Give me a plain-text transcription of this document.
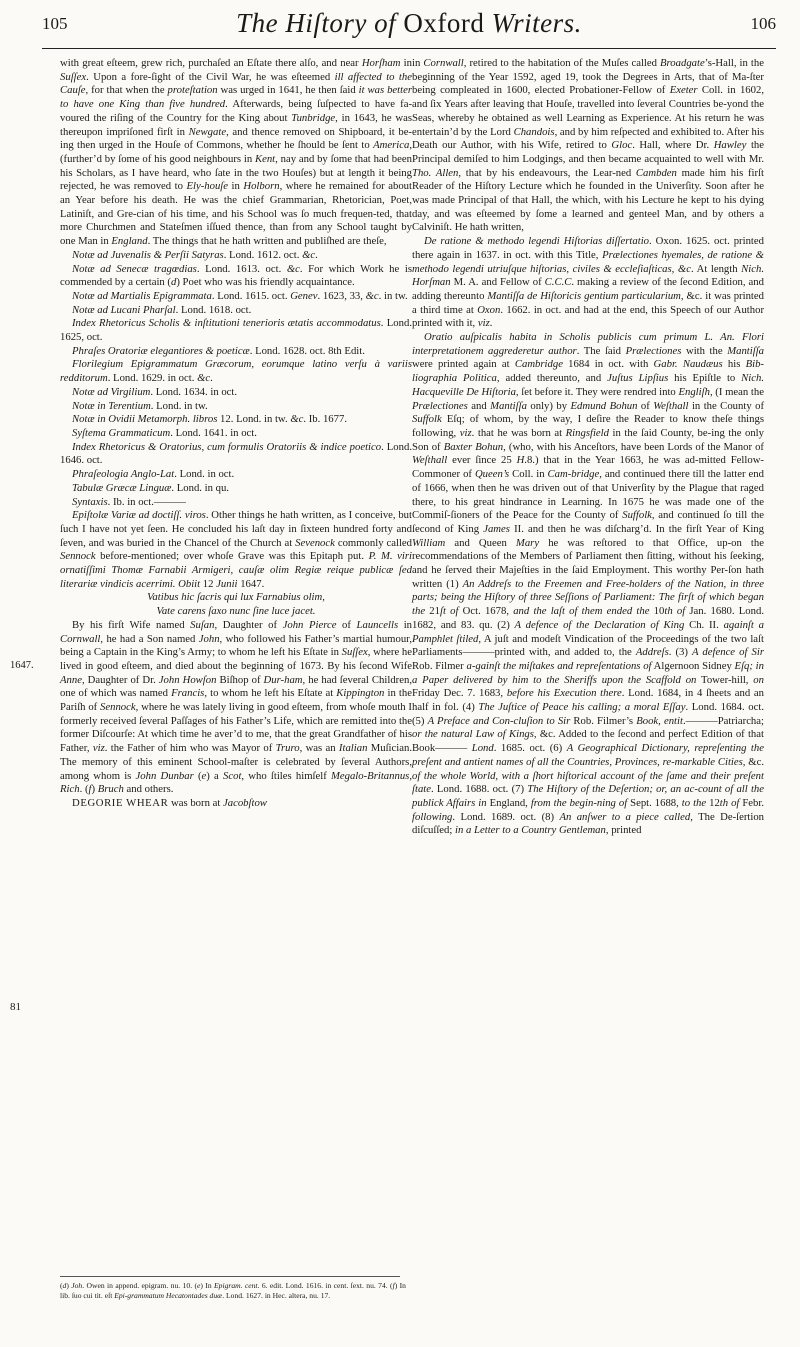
105	The Hiſtory of Oxford Writers.	106
1647.
81

with great eſteem, grew rich, purchaſed an Eſtate there alſo, and near Horſham in Suſſex. Upon a fore-ſight of the Civil War, he was eſteemed ill affected to the Cauſe, for that when the proteſtation was urged in 1641, he then ſaid it was better to have one King than five hundred. Afterwards, being ſuſpected to have fa-voured the riſing of the Country for the King about Tunbridge, in 1643, he was thereupon impriſoned firſt in Newgate, and thence removed on Shipboard, it be-ing then urged in the Houſe of Commons, whether he ſhould be ſent to America, (further’d by ſome of his good neighbours in Kent, nay and by ſome that had been his Scholars, as I have heard, who ſate in the two Houſes) but at length it being rejected, he was removed to Ely-houſe in Holborn, where he remained for about an Year before his death. He was the chief Grammarian, Rhetorician, Poet, Latiniſt, and Gre-cian of his time, and his School was ſo much frequen-ted, that more Churchmen and Stateſmen iſſued thence, than from any School taught by one Man in England. The things that he hath written and publiſhed are theſe,

Notæ ad Juvenalis & Perſii Satyras. Lond. 1612. oct. &c.

Notæ ad Senecæ tragœdias. Lond. 1613. oct. &c. For which Work he is commended by a certain (d) Poet who was his friendly acquaintance.

Notæ ad Martialis Epigrammata. Lond. 1615. oct. Genev. 1623, 33, &c. in tw.

Notæ ad Lucani Pharſal. Lond. 1618. oct.

Index Rhetoricus Scholis & inſtitutioni tenerioris ætatis accommodatus. Lond. 1625, oct.

Phraſes Oratoriæ elegantiores & poeticæ. Lond. 1628. oct. 8th Edit.

Florilegium Epigrammatum Græcorum, eorumque latino verſu à variis redditorum. Lond. 1629. in oct. &c.

Notæ ad Virgilium. Lond. 1634. in oct.

Notæ in Terentium. Lond. in tw.

Notæ in Ovidii Metamorph. libros 12. Lond. in tw. &c. Ib. 1677.

Syſtema Grammaticum. Lond. 1641. in oct.

Index Rhetoricus & Oratorius, cum formulis Oratoriis & indice poetico. Lond. 1646. oct.

Phraſeologia Anglo-Lat. Lond. in oct.

Tabulæ Græcæ Linguæ. Lond. in qu.

Syntaxis. Ib. in oct.———

Epiſtolæ Variæ ad doctiſſ. viros. Other things he hath written, as I conceive, but ſuch I have not yet ſeen. He concluded his laſt day in ſixteen hundred forty and ſeven, and was buried in the Chancel of the Church at Sevenock commonly called Sennock before-mentioned; over whoſe Grave was this Epitaph put. P. M. viri ornatiſſimi Thomæ Farnabii Armigeri, cauſæ olim Regiæ reique publicæ ſed literariæ vindicis acerrimi. Obiit 12 Junii 1647.

Vatibus hic ſacris qui lux Farnabius olim,

Vate carens ſaxo nunc ſine luce jacet.

By his firſt Wife named Suſan, Daughter of John Pierce of Launcells in Cornwall, he had a Son named John, who followed his Father’s martial humour, being a Captain in the King’s Army; to whom he left his Eſtate in Suſſex, where he lived in good eſteem, and died about the beginning of 1673. By his ſecond Wife Anne, Daughter of Dr. John Howſon Biſhop of Dur-ham, he had ſeveral Children, one of which was named Francis, to whom he left his Eſtate at Kippington in the Pariſh of Sennock, where he was lately living in good eſteem, from whoſe mouth I formerly received ſeveral Paſſages of his Father’s Life, which are remitted into the former Diſcourſe: At which time he aver’d to me, that the great Grandfather of his Father, viz. the Father of him who was Mayor of Truro, was an Italian Muſician. The memory of this eminent School-maſter is celebrated by ſeveral Authors, among whom is John Dunbar (e) a Scot, who ſtiles himſelf Megalo-Britannus, Rich. (f) Bruch and others.

DEGORIE WHEAR was born at Jacobſtow

in Cornwall, retired to the habitation of the Muſes called Broadgate’s-Hall, in the beginning of the Year 1592, aged 19, took the Degrees in Arts, that of Ma-ſter being compleated in 1600, elected Probationer-Fellow of Exeter Coll. in 1602, and ſix Years after leaving that Houſe, travelled into ſeveral Countries be-yond the Seas, whereby he obtained as well Learning as Experience. At his return he was entertain’d by the Lord Chandois, and by him reſpected and exhibited to. After his Death our Author, with his Wife, retired to Gloc. Hall, where Dr. Hawley the Principal demiſed to him Lodgings, and then became acquainted to well with Mr. Tho. Allen, that by his endeavours, the Lear-ned Cambden made him his firſt Reader of the Hiſtory Lecture which he founded in the Univerſity. Soon after he was made Principal of that Hall, the which, with his Lecture he kept to his dying day, and was eſteemed by ſome a learned and genteel Man, and by others a Calviniſt. He hath written,

De ratione & methodo legendi Hiſtorias diſſertatio. Oxon. 1625. oct. printed there again in 1637. in oct. with this Title, Prælectiones hyemales, de ratione & methodo legendi utriuſque hiſtorias, civiles & eccleſiaſticas, &c. At length Nich. Horſman M. A. and Fellow of C.C.C. making a review of the ſecond Edition, and adding thereunto Mantiſſa de Hiſtoricis gentium particularium, &c. it was printed a third time at Oxon. 1662. in oct. and had at the end, this Speech of our Author printed with it, viz.

Oratio auſpicalis habita in Scholis publicis cum primum L. An. Flori interpretationem aggrederetur author. The ſaid Prælectiones with the Mantiſſa were printed again at Cambridge 1684 in oct. with Gabr. Naudæus his Bib-liographia Politica, added thereunto, and Juſtus Lipſius his Epiſtle to Nich. Hacqueville De Hiſtoria, ſet before it. They were rendred into Engliſh, (I mean the Prælectiones and Mantiſſa only) by Edmund Bohun of Weſthall in the County of Suffolk Eſq; of whom, by the way, I deſire the Reader to know theſe things following, viz. that he was born at Ringsfield in the ſaid County, be-ing the only Son of Baxter Bohun, (who, with his Anceſtors, have been Lords of the Manor of Weſthall ever ſince 25 H.8.) that in the Year 1663, he was ad-mitted Fellow-Commoner of Queen’s Coll. in Cam-bridge, and continued there till the latter end of 1666, when then he was driven out of that Univerſity by the Plague that raged there, to his great hindrance in Learning. In 1675 he was made one of the Commiſ-ſioners of the Peace for the County of Suffolk, and continued ſo till the ſecond of King James II. and then he was diſcharg’d. In the firſt Year of King William and Queen Mary he was reſtored to that Office, up-on the recommendations of the Members of Parliament then ſitting, without his ſeeking, and he ſerved their Majeſties in the ſaid Employment. This worthy Per-ſon hath written (1) An Addreſs to the Freemen and Free-holders of the Nation, in three parts; being the Hiſtory of three Seſſions of Parliament: The firſt of which began the 21ſt of Oct. 1678, and the laſt of them ended the 10th of Jan. 1680. Lond. 1682, and 83. qu. (2) A defence of the Declaration of King Ch. II. againſt a Pamphlet ſtiled, A juſt and modeſt Vindication of the Proceedings of the two laſt Parliaments———printed with, and added to, the Addreſs. (3) A defence of Sir Rob. Filmer a-gainſt the miſtakes and repreſentations of Algernoon Sidney Eſq; in a Paper delivered by him to the Sheriffs upon the Scaffold on Tower-hill, on Friday Dec. 7. 1683, before his Execution there. Lond. 1684, in 4 ſheets and an half in fol. (4) The Juſtice of Peace his calling; a moral Eſſay. Lond. 1684. oct. (5) A Preface and Con-cluſion to Sir Rob. Filmer’s Book, entit.———Patriarcha; or the natural Law of Kings, &c. Added to the ſecond and perfect Edition of that Book——— Lond. 1685. oct. (6) A Geographical Dictionary, repreſenting the preſent and antient names of all the Countries, Provinces, re-markable Cities, &c. of the whole World, with a ſhort hiſtorical account of the ſame and their preſent ſtate. Lond. 1688. oct. (7) The Hiſtory of the Deſertion; or, an ac-count of all the publick Affairs in England, from the begin-ning of Sept. 1688, to the 12th of Febr. following. Lond. 1689. oct. (8) An anſwer to a piece called, The De-ſertion diſcuſſed; in a Letter to a Country Gentleman, printed

(d) Joh. Owen in append. epigram. nu. 10. (e) In Epigram. cent. 6. edit. Lond. 1616. in cent. ſext. nu. 74. (f) In lib. ſuo cui tit. eſt Epi-grammatum Hecatontades duæ. Lond. 1627. in Hec. altera, nu. 17.
